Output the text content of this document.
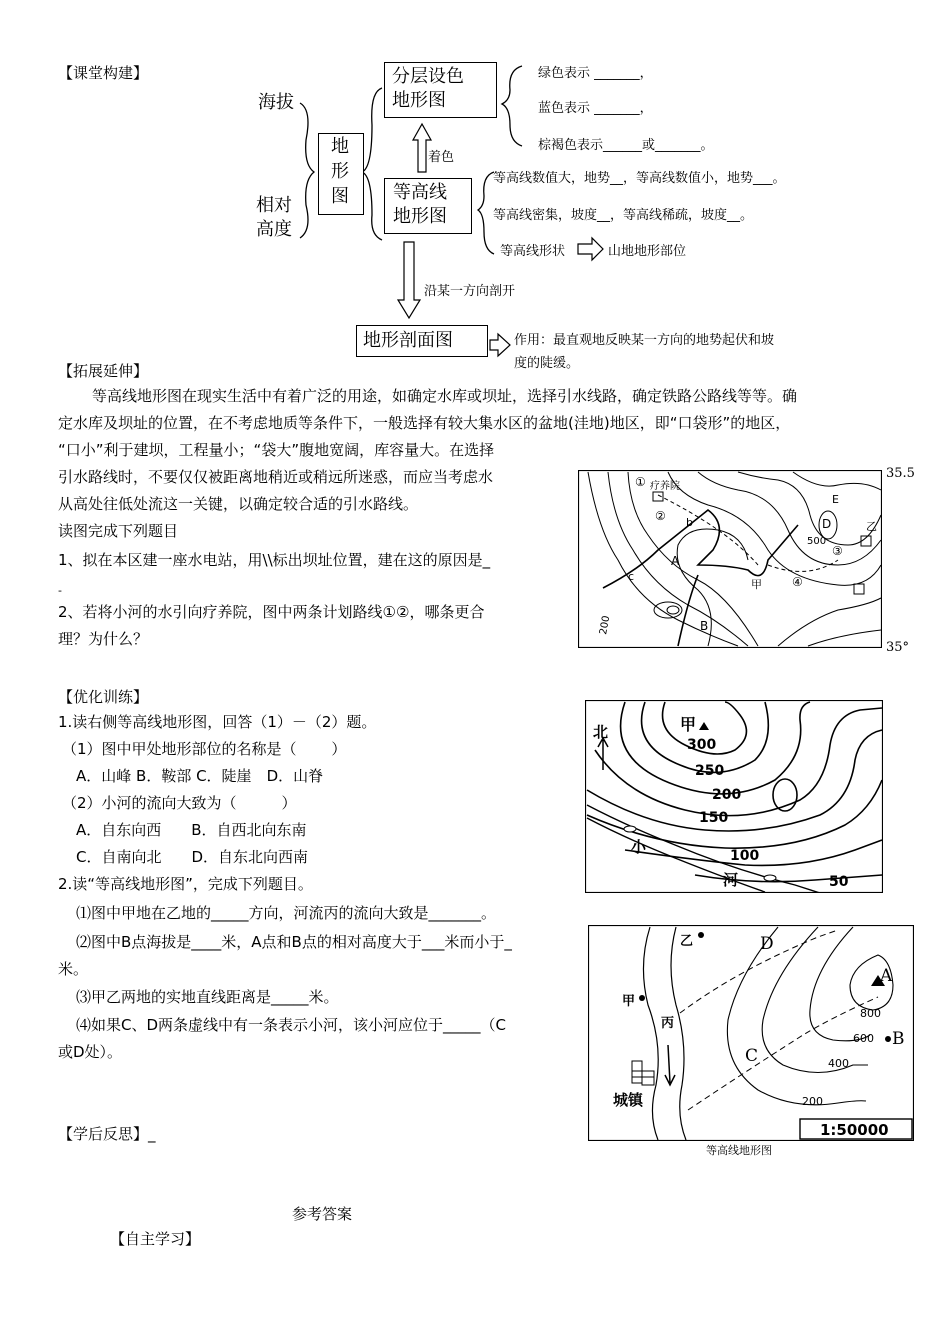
【课堂构建】
海拔
相对
高度
地
形
图
分层设色
地形图
等高线
地形图
地形剖面图
着色
绿色表示 _______，
蓝色表示 _______，
棕褐色表示______或_______。
等高线数值大，地势__，等高线数值小，地势___。
等高线密集，坡度__，等高线稀疏，坡度__。
等高线形状	山地地形部位
沿某一方向剖开
作用：最直观地反映某一方向的地势起伏和坡
度的陡缓。
【拓展延伸】
等高线地形图在现实生活中有着广泛的用途，如确定水库或坝址，选择引水线路，确定铁路公路线等等。确
定水库及坝址的位置，在不考虑地质等条件下，一般选择有较大集水区的盆地(洼地)地区，即“口袋形”的地区，
“口小”利于建坝，工程量小；“袋大”腹地宽阔，库容量大。在选择
引水路线时，不要仅仅被距离地稍近或稍远所迷惑，而应当考虑水
从高处往低处流这一关键，以确定较合适的引水路线。
读图完成下列题目
1、拟在本区建一座水电站，用\\标出坝址位置，建在这的原因是_
-
2、若将小河的水引向疗养院，图中两条计划路线①②，哪条更合
理？为什么？
35.5
35°
① 疗养院
② b
A
c
B
甲	④
③
D
E
乙
500
200
【优化训练】
1.读右侧等高线地形图，回答（1）－（2）题。
（1）图中甲处地形部位的名称是（　　 ）
A．山峰 B．鞍部 C．陡崖　D．山脊
（2）小河的流向大致为（　　　）
A．自东向西　　B．自西北向东南
C．自南向北　　D．自东北向西南
2.读“等高线地形图”，完成下列题目。
⑴图中甲地在乙地的_____方向，河流丙的流向大致是_______。
⑵图中B点海拔是____米，A点和B点的相对高度大于___米而小于_
米。
⑶甲乙两地的实地直线距离是_____米。
⑷如果C、D两条虚线中有一条表示小河，该小河应位于_____（C
或D处）。
北	甲
300
250
200
150
100
50
小
河
1:50000
城镇
乙
甲
丙
D
C
A
800
600 B
400
200
等高线地形图
【学后反思】_
参考答案
【自主学习】
